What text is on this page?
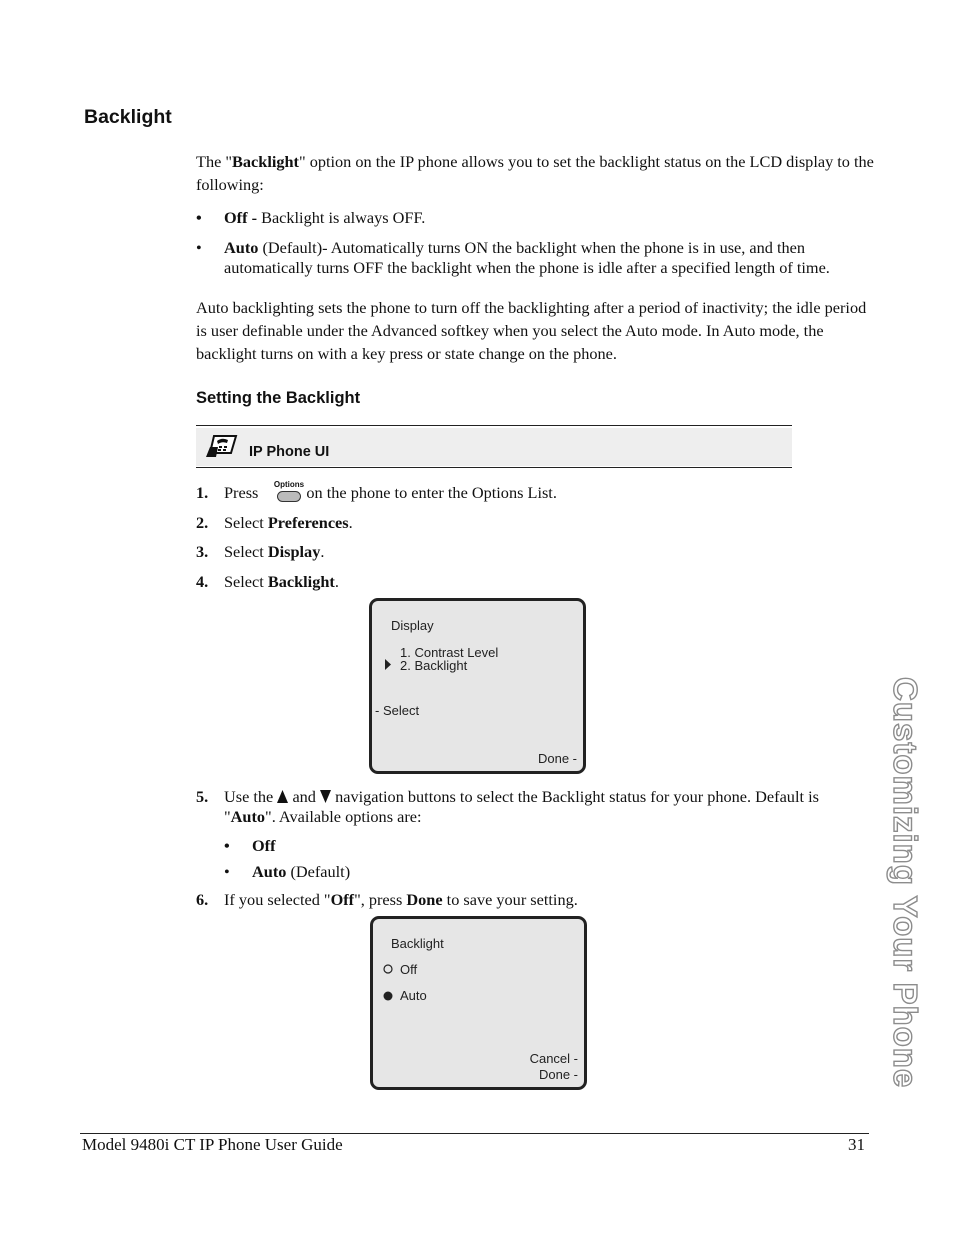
Backlight
The "Backlight" option on the IP phone allows you to set the backlight status on the LCD display to the following:
• Off - Backlight is always OFF.
• Auto (Default)- Automatically turns ON the backlight when the phone is in use, and then automatically turns OFF the backlight when the phone is idle after a specified length of time.
Auto backlighting sets the phone to turn off the backlighting after a period of inactivity; the idle period is user definable under the Advanced softkey when you select the Auto mode. In Auto mode, the backlight turns on with a key press or state change on the phone.
Setting the Backlight
IP Phone UI
1. Press	on the phone to enter the Options List.
Options
2. Select Preferences.
3. Select Display.
4. Select Backlight.
Display
1. Contrast Level
2. Backlight
- Select
Done -
5. Use the and navigation buttons to select the Backlight status for your phone. Default is "Auto". Available options are:
• Off
• Auto (Default)
6. If you selected "Off", press Done to save your setting.
Backlight
Off
Auto
Cancel -
Done -	Customizing Your Phone
Model 9480i CT IP Phone User Guide	31
